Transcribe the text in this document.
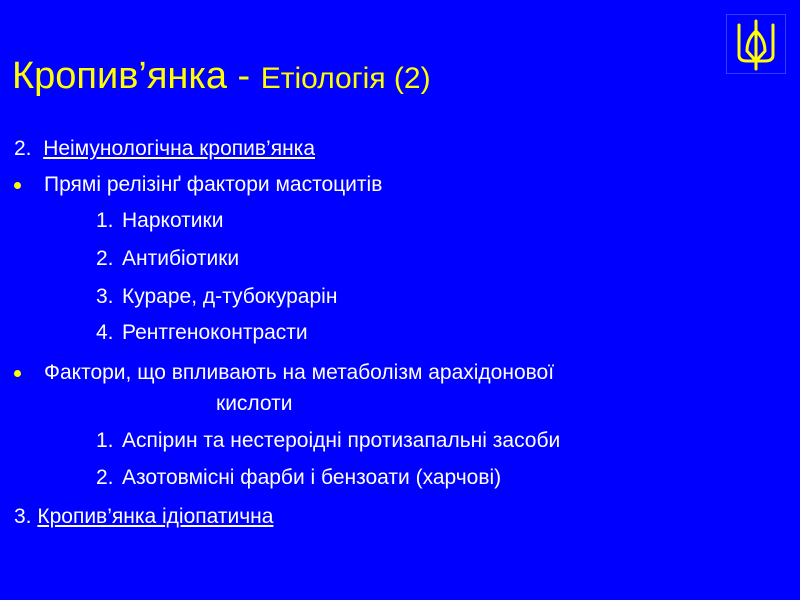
Кропив’янка - Етіологія (2)
2. Неімунологічна кропив’янка
Прямі релізінґ фактори мастоцитів
1. Наркотики
2. Антибіотики
3. Кураре, д-тубокурарін
4. Рентгеноконтрасти
Фактори, що впливають на метаболізм арахідонової
кислоти
1. Аспірин та нестероідні протизапальні засоби
2. Азотовмісні фарби і бензоати (харчові)
3. Кропив’янка ідіопатична
